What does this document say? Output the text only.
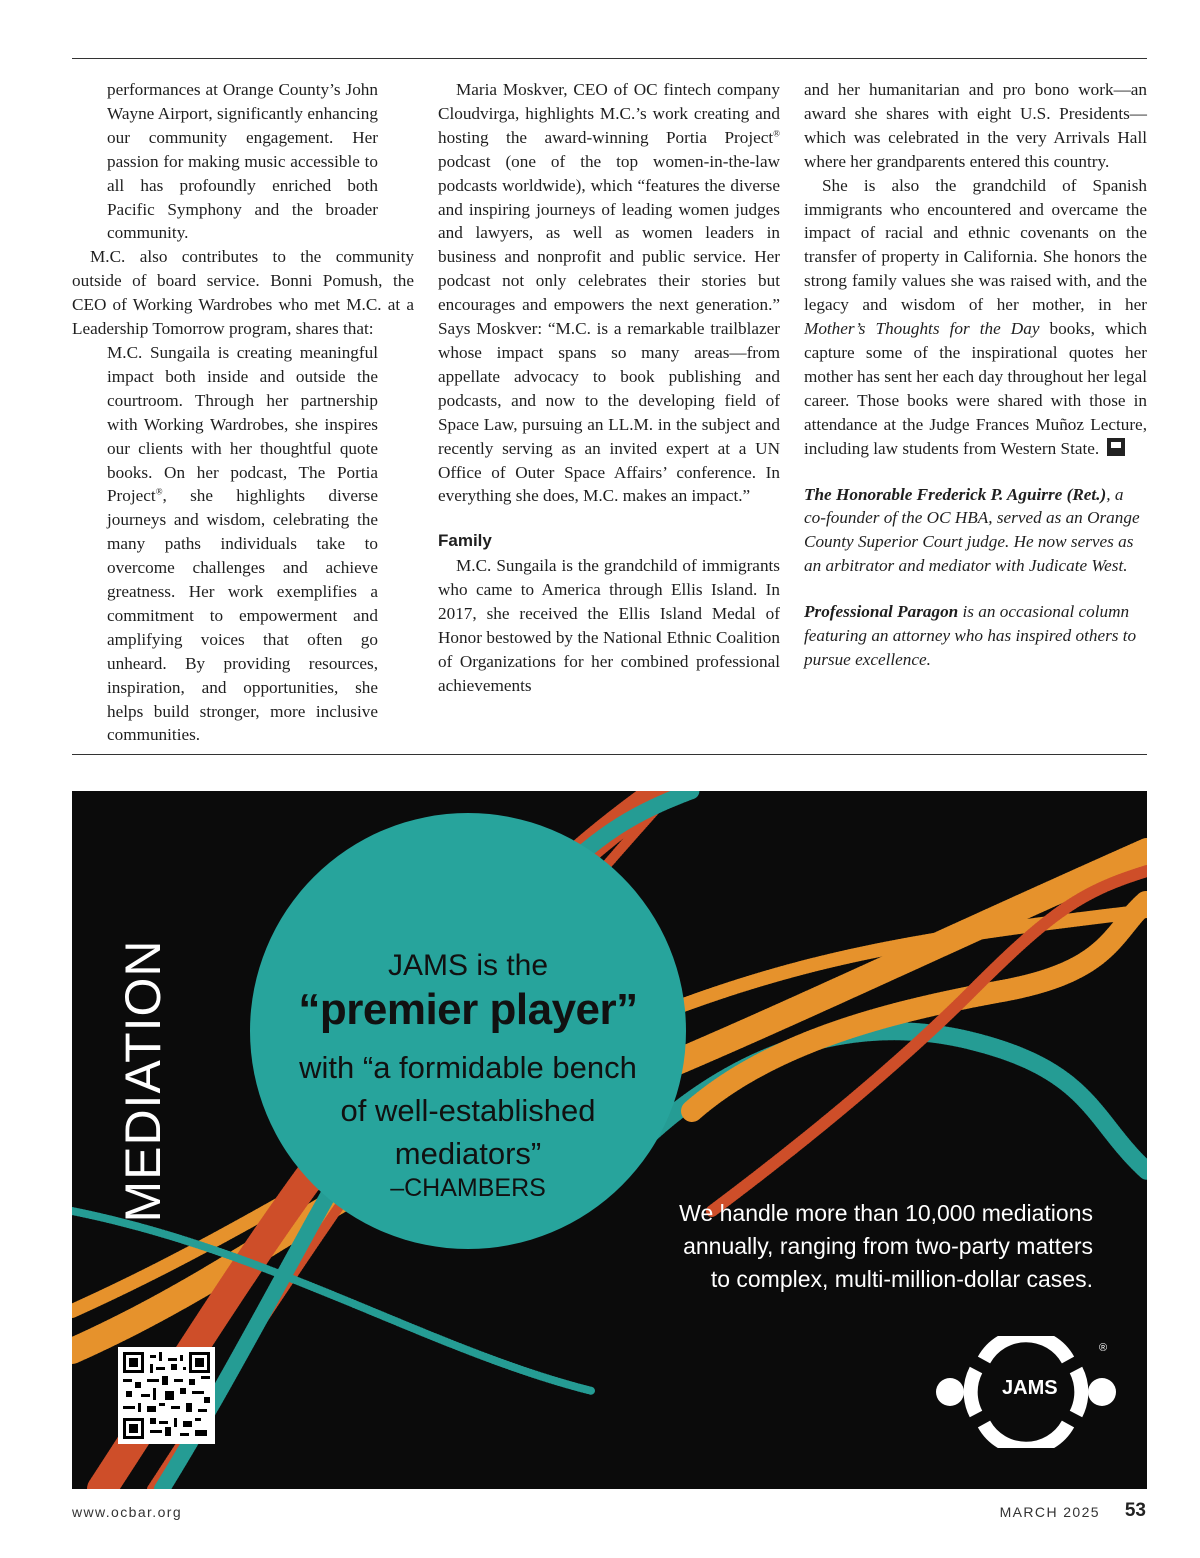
performances at Orange County’s John Wayne Airport, significantly enhancing our community engagement. Her passion for making music accessible to all has profoundly enriched both Pacific Symphony and the broader community.

M.C. also contributes to the community outside of board service. Bonni Pomush, the CEO of Working Wardrobes who met M.C. at a Leadership Tomorrow program, shares that:

M.C. Sungaila is creating meaningful impact both inside and outside the courtroom. Through her partnership with Working Wardrobes, she inspires our clients with her thoughtful quote books. On her podcast, The Portia Project®, she highlights diverse journeys and wisdom, celebrating the many paths individuals take to overcome challenges and achieve greatness. Her work exemplifies a commitment to empowerment and amplifying voices that often go unheard. By providing resources, inspiration, and opportunities, she helps build stronger, more inclusive communities.

Maria Moskver, CEO of OC fintech company Cloudvirga, highlights M.C.’s work creating and hosting the award-winning Portia Project® podcast (one of the top women-in-the-law podcasts worldwide), which “features the diverse and inspiring journeys of leading women judges and lawyers, as well as women leaders in business and nonprofit and public service. Her podcast not only celebrates their stories but encourages and empowers the next generation.” Says Moskver: “M.C. is a remarkable trailblazer whose impact spans so many areas—from appellate advocacy to book publishing and podcasts, and now to the developing field of Space Law, pursuing an LL.M. in the subject and recently serving as an invited expert at a UN Office of Outer Space Affairs’ conference. In everything she does, M.C. makes an impact.”

Family

M.C. Sungaila is the grandchild of immigrants who came to America through Ellis Island. In 2017, she received the Ellis Island Medal of Honor bestowed by the National Ethnic Coalition of Organizations for her combined professional achievements

and her humanitarian and pro bono work—an award she shares with eight U.S. Presidents—which was celebrated in the very Arrivals Hall where her grandparents entered this country.

She is also the grandchild of Spanish immigrants who encountered and overcame the impact of racial and ethnic covenants on the transfer of property in California. She honors the strong family values she was raised with, and the legacy and wisdom of her mother, in her Mother’s Thoughts for the Day books, which capture some of the inspirational quotes her mother has sent her each day throughout her legal career. Those books were shared with those in attendance at the Judge Frances Muñoz Lecture, including law students from Western State.

The Honorable Frederick P. Aguirre (Ret.), a co-founder of the OC HBA, served as an Orange County Superior Court judge. He now serves as an arbitrator and mediator with Judicate West.

Professional Paragon is an occasional column featuring an attorney who has inspired others to pursue excellence.

MEDIATION	JAMS is the
“premier player”
with “a formidable bench
of well-established
mediators”
–CHAMBERS
We handle more than 10,000 mediations
annually, ranging from two-party matters
to complex, multi-million-dollar cases.
JAMS
®
www.ocbar.org	MARCH 2025 53
